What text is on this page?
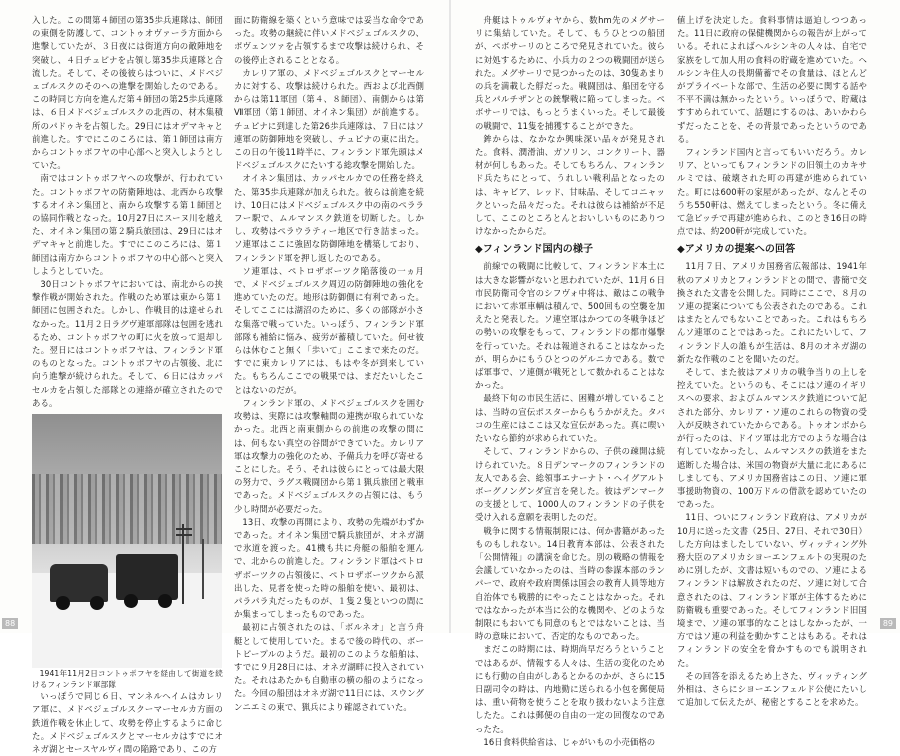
入した。この間第４師団の第35歩兵連隊は、師団の東側を防護して、コントゥオヴァーラ方面から進撃していたが、３日夜には街道方向の敵陣地を突破し、４日チュピナを占領し第35歩兵連隊と合流した。そして、その後彼らはついに、メドベジェゴルスクのそのへの進撃を開始したのである。この時同じ方向を進んだ第４師団の第25歩兵連隊は、６日メドベジェゴルスクの北西の、材木集積所のパドゥキを占領した。29日にはオデマキャと前進した。すでにこのころには、第１師団は南方からコントゥポフヤの中心部へと突入しようとしていた。

南ではコントゥポフヤへの攻撃が、行われていた。コントゥポフヤの防衛陣地は、北西から攻撃するオイネン集団と、南から攻撃する第１師団との協同作戦となった。10月27日にスーヌ川を越えた、オイネン集団の第２騎兵旅団は、29日にはオデマキャと前進した。すでにこのころには、第１師団は南方からコントゥポフヤの中心部へと突入しようとしていた。

30日コントゥポフヤにおいては、南北からの挟撃作戦が開始された。作戦のため軍は東から第１師団に包囲された。しかし、作戦目的は達せられなかった。11月２日ラグヴ連軍部隊は包囲を逃れるため、コントゥポフヤの町に火を放って退却した。翌日にはコントゥポフヤは、フィンランド軍のものとなった。コントゥポフヤの占領後、北に向う進撃が続けられた。そして、６日にはカッパセルカを占領した部隊との連絡が確立されたのである。

1941年11月2日コントゥポフヤを経由して街道を続けるフィンランド軍部隊

いっぽうで同じ６日、マンネルへイムはカレリア軍に、メドベジェゴルスクーマーセルカ方面の鉄道作戦を休止して、攻勢を停止するように命じた。メドベジェゴルスクとマーセルカはすでにオネガ湖とセースヤルヴィ間の陥路であり、この方

面に防衛線を築くという意味では妥当な命令であった。攻勢の継続に伴いメドベジェゴルスクの、ポヴェンツァを占領するまで攻撃は続けられ、その後停止されることとなる。

カレリア軍の、メドベジェゴルスクとマーセルカに対する、攻撃は続けられた。西および北西側からは第11軍団（第４、８師団）、南側からは第Ⅶ軍団（第１師団、オイネン集団）が前進する。チュピナに到達した第26歩兵連隊は、７日にはソ連軍の防御陣地を突破し、チュピナの東に出た。この日の午後11時半に、フィンランド軍先頭はメドベジェゴルスクにたいする総攻撃を開始した。

オイネン集団は、カッパセルカでの任務を終えた、第35歩兵連隊が加えられた。彼らは前進を続け、10日にはメドベジェゴルスク中の南のペララフー駅で、ムルマンスク鉄道を切断した。しかし、攻勢はペラウラティー地区で行き詰まった。ソ連軍はここに強固な防御陣地を構築しており、フィンランド軍を押し返したのである。

ソ連軍は、ペトロザボーツク陥落後の一ヵ月で、メドベジェゴルスク周辺の防御陣地の強化を進めていたのだ。地形は防御側に有利であった。そしてここには湖沼のために、多くの部隊が小さな集落で戦っていた。いっぽう、フィンランド軍部隊も補給に悩み、疲労が蓄積していた。何せ彼らは休むこと無く「歩いて」ここまで来たのだ。すでに東カレリアには、もはや冬が到来していた。もちろんここでの戦果では、まだたいしたことはないのだが。

フィンランド軍の、メドベジェゴルスクを囲む攻勢は、実際には攻撃軸間の連携が取られていなかった。北西と南東側からの前進の攻撃の間には、何もない真空の谷間ができていた。カレリア軍は攻撃力の強化のため、予備兵力を呼び寄せることにした。そう、それは彼らにとっては最大限の努力で、ラグス戦闘団から第１猟兵旅団と戦車であった。メドベジェゴルスクの占領には、もう少し時間が必要だった。

13日、攻撃の再開により、攻勢の先端がわずかであった。オイネン集団で騎兵旅団が、オネガ湖で氷道を渡った。41機も共に舟艇の船舶を運んで、北からの前進した。フィンランド軍はペトロザボーツクの占領後に、ペトロザボーツクから派出した、見者を使った時の船舶を使い、最初は、パラパラ丸だったものが、１隻２隻といつの間にか集まってしまったものであった。

最初に占領されたのは、「ボルネオ」と言う舟艇として使用していた。まるで後の時代の、ボートピープルのようだ。最初のこのような船舶は、すでに９月28日には、オネガ湖畔に投入されていた。それはあたかも自動車の横の船のようになった。今回の船団はオネガ湖で11日には、スウングンニエミの東で、猟兵により確認されていた。

88

舟艇はトゥルヴォヤから、数hm先のメグサーリに集結していた。そして、もうひとつの船団が、ペボサーリのところで発見されていた。彼らに対処するために、小兵力の２つの戦闘団が送られた。メグサーリで見つかったのは、30隻あまりの兵を満載した艀だった。戦闘団は、船団を守る兵とパルチザンとの銃撃戦に陥ってしまった。ペボサーリでは、もっとうまくいった。そして最後の戦闘で、11隻を捕獲することができた。

鉾からは、なかなか興味深い品々が発見された。食料、潤滑油、ガソリン、コンクリート、器材が何しもあった。そしてもちろん、フィンランド兵たちにとって、うれしい戦利品となったのは、キャビア、レッド、甘味品、そしてコニャックといった品々だった。それは彼らは補給が不足して、ここのところとんとおいしいものにありつけなかったからだ。

◆フィンランド国内の様子

前線での戦闘に比較して、フィンランド本土には大きな影響がないと思われていたが、11月６日市民防衛司令官のシフヴォ中将は、敵はこの戦争において赤軍車輌は積んで、500回もの空襲を加えたと発表した。ソ連空軍はかつての冬戦争ほどの勢いの攻撃をもって、フィンランドの都市爆撃を行っていた。それは報道されることはなかったが、明らかにもうひとつのゲルニカである。数でば軍事で、ソ連側が戦死として数かれることはなかった。

最終下旬の市民生活に、困難が増していることは、当時の宣伝ポスターからもうかがえた。タバコの生産にはここは又な宣伝があった。真に喫いたいなら節約が求められていた。

そして、フィンランドからの、子供の疎開は続けられていた。８日デンマークのフィンランドの友人である会、総領事エナーナト・ヘイグアルトボーグノングンダ宣言を発した。彼はデンマークの支援として、1000人のフィンランドの子供を受け入れる意願を表明したのだ。

戦争に関する情報制限には、何か書籍があったものもしれない。14日教育本部は、公表された「公開情報」の講演を命じた。別の戦略の情報を会議していなかったのは、当時の参謀本部のランパーで、政府や政府関係は国会の教育人員等地方自治体でも戦勝的にやったことはなかった。それではなかったが本当に公的な機関や、どのような制限にもおいても同意のもとではないことは、当時の意味において、否定的なものであった。

まだこの時期には、時期尚早だろうということではあるが、情報する人々は、生活の変化のためにも行動の自由がしあるとかるのかが、さらに15日副司令の時は、内地勤に送られる小包を郵便局は、重い荷物を使うことを取り扱わないよう注意したた。これは郵便の自由の一定の回復なのであったた。

16日食料供給省は、じゃがいもの小売価格の

値上げを決定した。食料事情は逼迫しつつあった。11日に政府の保健機関からの報告が上がっている。それによればヘルシンキの人々は、自宅で家族をして加人用の食料の貯蔵を進めていた。ヘルシンキ住人の長期備蓄でその食量は、ほとんどがプライベートな部で、生活の必要に関する話や不平不満は無かったという。いっぽうで、貯蔵はすすめられていて、話題にするのは、あいかわらずだったことを、その背景であったというのである。

フィンランド国内と言ってもいいだろう。カレリア、といってもフィンランドの旧領土のカキサルミでは、破壊された町の再建が進められていた。町には600軒の家屋があったが、なんとそのうち550軒は、燃えてしまったという。冬に備えて急ピッチで再建が進められ、このとき16日の時点では、約200軒が完成していた。

◆アメリカの提案への回答

11月７日、アメリカ国務省広報部は、1941年秋のアメリカとフィンランドとの間で、書簡で交換された文書を公開した。同時にここで、８月のソ連の提案についても公表されたのである。これはまたとんでもないことであった。これはもちろんソ連軍のことではあった。これにたいして、フィンランド人の誰もが生活は、8月のオネガ湖の新たな作戦のことを聞いたのだ。

そして、また彼はアメリカの戦争当りの上しを控えていた。というのも、そこにはソ連のイギリスへの要求、およびムルマンスク鉄道について記された部分、カレリア・ソ連のこれらの物資の受入が反映されていたからである。トゥオンポからが行ったのは、ドイツ軍は北方でのような場合は有していなかったし、ムルマンスクの鉄道をまた遮断した場合は、米国の物資が大量に北にあるにしましても、アメリカ国務省はこの日、ソ連に軍事援助物資の、100万ドルの借款を認めていたのであった。

11日、ついにフィンランド政府は、アメリカが10月に送った文書（25日、27日、それで30日）した方向はましたしていない、ヴィッティング外務大臣のアメリカシヨーエンフェルトの実現のために別したが、文書は短いものでの、ソ連によるフィンランドは解放されたのだ、ソ連に対して合意されたのは、フィンランド軍が主体するために防衛戦も重要であった。そしてフィンランド旧国境まで、ソ連の軍事的なことはしなかったが、一方ではソ連の利益を動かすことはもある。それはフィンランドの安全を脅かすものでも説明された。

その回答を添えるため上さた、ヴィッティング外相は、さらにシヨーエンフェルド公使にたいして追加して伝えたが、秘密とすることを求めた。

89
